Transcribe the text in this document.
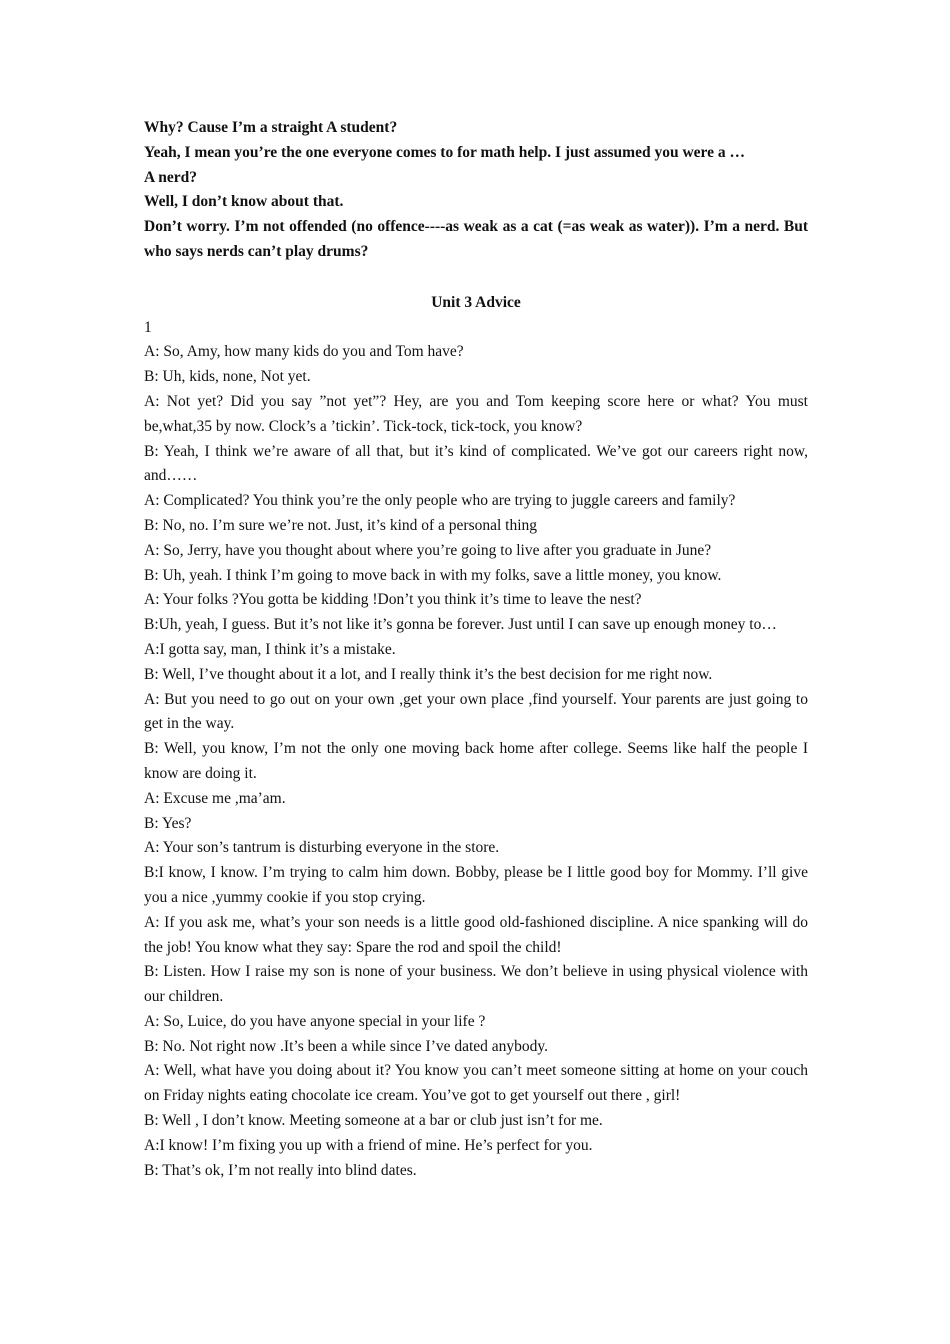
Why? Cause I’m a straight A student?

Yeah, I mean you’re the one everyone comes to for math help. I just assumed you were a …

A nerd?

Well, I don’t know about that.

Don’t worry. I’m not offended (no offence----as weak as a cat (=as weak as water)). I’m a nerd. But who says nerds can’t play drums?

Unit 3 Advice

1

A: So, Amy, how many kids do you and Tom have?

B: Uh, kids, none, Not yet.

A: Not yet? Did you say ”not yet”? Hey, are you and Tom keeping score here or what? You must be,what,35 by now. Clock’s a ’tickin’. Tick-tock, tick-tock, you know?

B: Yeah, I think we’re aware of all that, but it’s kind of complicated. We’ve got our careers right now, and……

A: Complicated? You think you’re the only people who are trying to juggle careers and family?

B: No, no. I’m sure we’re not. Just, it’s kind of a personal thing

A: So, Jerry, have you thought about where you’re going to live after you graduate in June?

B: Uh, yeah. I think I’m going to move back in with my folks, save a little money, you know.

A: Your folks ?You gotta be kidding !Don’t you think it’s time to leave the nest?

B:Uh, yeah, I guess. But it’s not like it’s gonna be forever. Just until I can save up enough money to…

A:I gotta say, man, I think it’s a mistake.

B: Well, I’ve thought about it a lot, and I really think it’s the best decision for me right now.

A: But you need to go out on your own ,get your own place ,find yourself. Your parents are just going to get in the way.

B: Well, you know, I’m not the only one moving back home after college. Seems like half the people I know are doing it.

A: Excuse me ,ma’am.

B: Yes?

A: Your son’s tantrum is disturbing everyone in the store.

B:I know, I know. I’m trying to calm him down. Bobby, please be I little good boy for Mommy. I’ll give you a nice ,yummy cookie if you stop crying.

A: If you ask me, what’s your son needs is a little good old-fashioned discipline. A nice spanking will do the job! You know what they say: Spare the rod and spoil the child!

B: Listen. How I raise my son is none of your business. We don’t believe in using physical violence with our children.

A: So, Luice, do you have anyone special in your life ?

B: No. Not right now .It’s been a while since I’ve dated anybody.

A: Well, what have you doing about it? You know you can’t meet someone sitting at home on your couch on Friday nights eating chocolate ice cream. You’ve got to get yourself out there , girl!

B: Well , I don’t know. Meeting someone at a bar or club just isn’t for me.

A:I know! I’m fixing you up with a friend of mine. He’s perfect for you.

B: That’s ok, I’m not really into blind dates.
